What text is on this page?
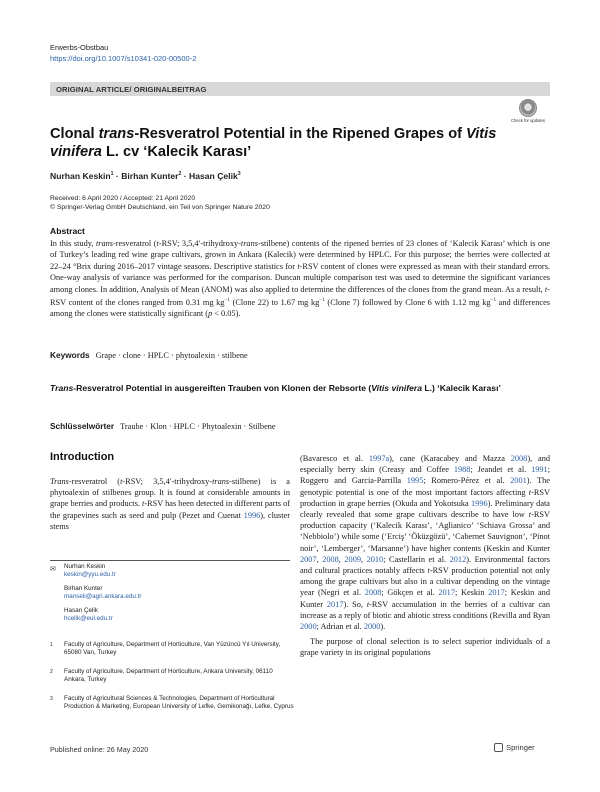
Erwerbs-Obstbau
https://doi.org/10.1007/s10341-020-00500-2
ORIGINAL ARTICLE/ ORIGINALBEITRAG
Check for updates
Clonal trans-Resveratrol Potential in the Ripened Grapes of Vitis vinifera L. cv ‘Kalecik Karası’
Nurhan Keskin$^1$ · Birhan Kunter$^2$ · Hasan Çelik$^3$
Received: 6 April 2020 / Accepted: 21 April 2020
© Springer-Verlag GmbH Deutschland, ein Teil von Springer Nature 2020
Abstract

In this study, trans-resveratrol (t-RSV; 3,5,4′-trihydroxy-trans-stilbene) contents of the ripened berries of 23 clones of ‘Kalecik Karası’ which is one of Turkey’s leading red wine grape cultivars, grown in Ankara (Kalecik) were determined by HPLC. For this purpose; the berries were collected at 22–24 °Brix during 2016–2017 vintage seasons. Descriptive statistics for t-RSV content of clones were expressed as mean with their standard errors. One-way analysis of variance was performed for the comparison. Duncan multiple comparison test was used to determine the significant variances among clones. In addition, Analysis of Mean (ANOM) was also applied to determine the differences of the clones from the grand mean. As a result, t-RSV content of the clones ranged from 0.31 mg $kg^{-1}$ (Clone 22) to 1.67 mg $kg^{-1}$ (Clone 7) followed by Clone 6 with 1.12 mg $kg^{-1}$ and differences among the clones were statistically significant (p < 0.05).

Keywords Grape · clone · HPLC · phytoalexin · stilbene
Trans-Resveratrol Potential in ausgereiften Trauben von Klonen der Rebsorte (Vitis vinifera L.) ‘Kalecik Karası’
Schlüsselwörter Traube · Klon · HPLC · Phytoalexin · Stilbene
Introduction

Trans-resveratrol (t-RSV; 3,5,4′-trihydroxy-trans-stilbene) is a phytoalexin of stilbenes group. It is found at considerable amounts in grape berries and products. t-RSV has been detected in different parts of the grapevines such as seed and pulp (Pezet and Cuenat 1996), cluster stems

(Bavaresco et al. 1997a), cane (Karacabey and Mazza 2008), and especially berry skin (Creasy and Coffee 1988; Jeandet et al. 1991; Roggero and Garcia-Parrilla 1995; Romero-Pérez et al. 2001). The genotypic potential is one of the most important factors affecting t-RSV production in grape berries (Okuda and Yokotsuka 1996). Preliminary data clearly revealed that some grape cultivars describe to have low t-RSV production capacity (‘Kalecik Karası’, ‘Aglianico’ ‘Schiava Grossa’ and ‘Nebbiolo’) while some (‘Erciş’ ‘Öküzgözü’, ‘Cabernet Sauvignon’, ‘Pinot noir’, ‘Lemberger’, ‘Marsanne’) have higher contents (Keskin and Kunter 2007, 2008, 2009, 2010; Castellarin et al. 2012). Environmental factors and cultural practices notably affects t-RSV production potential not only among the grape cultivars but also in a cultivar depending on the vintage year (Negri et al. 2008; Gökçen et al. 2017; Keskin 2017; Keskin and Kunter 2017). So, t-RSV accumulation in the berries of a cultivar can increase as a reply of biotic and abiotic stress conditions (Revilla and Ryan 2000; Adrian et al. 2000).

The purpose of clonal selection is to select superior individuals of a grape variety in its original populations

✉ Nurhan Keskin
keskin@yyu.edu.tr
Birhan Kunter
manseli@agri.ankara.edu.tr
Hasan Çelik
hcelik@eul.edu.tr
1 Faculty of Agriculture, Department of Horticulture, Van Yüzüncü Yıl University, 65080 Van, Turkey
2 Faculty of Agriculture, Department of Horticulture, Ankara University, 06110 Ankara, Turkey
3 Faculty of Agricultural Sciences & Technologies, Department of Horticultural Production & Marketing, European University of Lefke, Gemikonağı, Lefke, Cyprus
Published online: 26 May 2020	Springer
